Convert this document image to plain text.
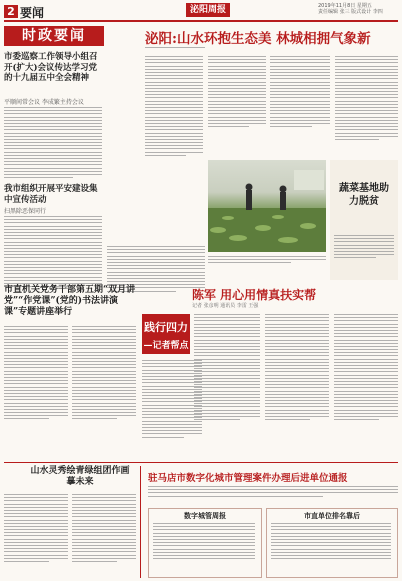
2 要闻	泌阳周报	2019年11月8日 星期五
责任编辑 张三 版式设计 李四
时政要闻	泌阳:山水环抱生态美 林城相拥气象新
市委巡察工作领导小组召开(扩大)会议传达学习党的十九届五中全会精神
平顺间常会议 李成繁主持会议
我市组织开展平安建设集中宣传活动
扫黑除恶保同行
蔬菜基地助力脱贫
市直机关党务干部第五期“双月讲党”“作党课”(党的)书法讲演课”专题讲座举行
陈军 用心用情真扶实帮
记者 张彦明 通讯员 李雷 王强
践行四力
—记者帮点
山水灵秀绘青绿组团作画摹未来	驻马店市数字化城市管理案件办理后进单位通报
数字城管周报	市直单位排名靠后
